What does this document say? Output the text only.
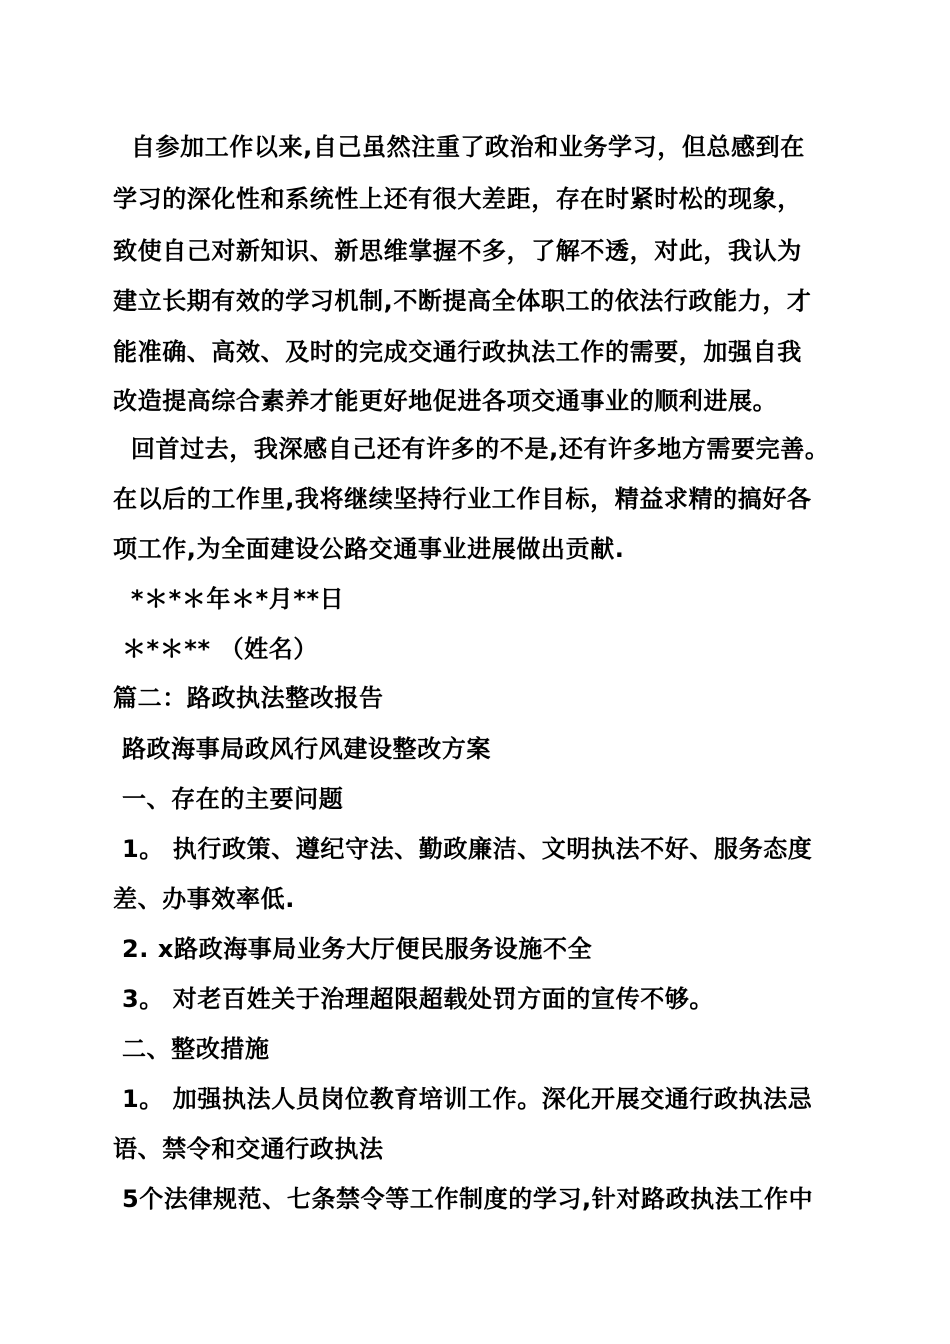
自参加工作以来,自己虽然注重了政治和业务学习，但总感到在
学习的深化性和系统性上还有很大差距，存在时紧时松的现象，
致使自己对新知识、新思维掌握不多，了解不透，对此，我认为
建立长期有效的学习机制,不断提高全体职工的依法行政能力，才
能准确、高效、及时的完成交通行政执法工作的需要，加强自我
改造提高综合素养才能更好地促进各项交通事业的顺利进展。
回首过去，我深感自己还有许多的不是,还有许多地方需要完善。
在以后的工作里,我将继续坚持行业工作目标，精益求精的搞好各
项工作,为全面建设公路交通事业进展做出贡献.
*＊*＊年＊*月**日
＊*＊** （姓名）
篇二：路政执法整改报告
路政海事局政风行风建设整改方案
一、存在的主要问题
1。 执行政策、遵纪守法、勤政廉洁、文明执法不好、服务态度
差、办事效率低.
2. x路政海事局业务大厅便民服务设施不全
3。 对老百姓关于治理超限超载处罚方面的宣传不够。
二、整改措施
1。 加强执法人员岗位教育培训工作。深化开展交通行政执法忌
语、禁令和交通行政执法
5个法律规范、七条禁令等工作制度的学习,针对路政执法工作中
